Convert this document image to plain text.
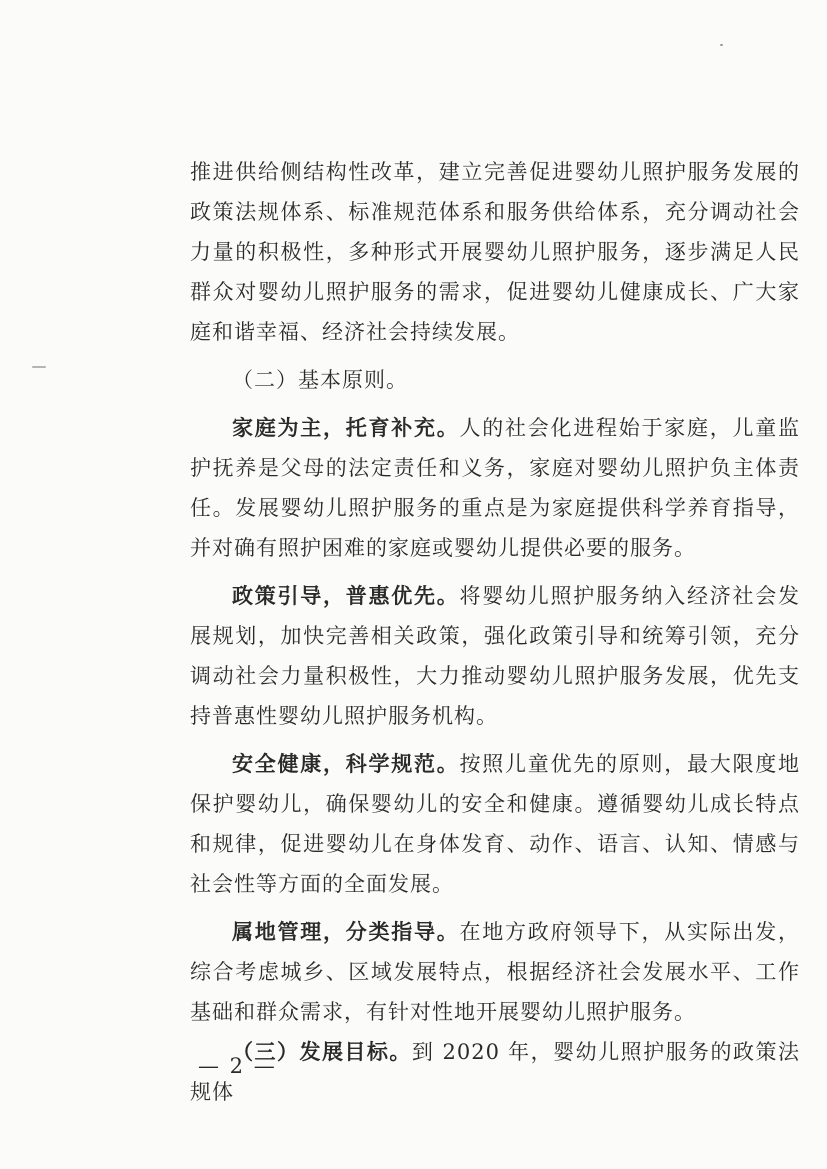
推进供给侧结构性改革，建立完善促进婴幼儿照护服务发展的政策法规体系、标准规范体系和服务供给体系，充分调动社会力量的积极性，多种形式开展婴幼儿照护服务，逐步满足人民群众对婴幼儿照护服务的需求，促进婴幼儿健康成长、广大家庭和谐幸福、经济社会持续发展。

（二）基本原则。

家庭为主，托育补充。人的社会化进程始于家庭，儿童监护抚养是父母的法定责任和义务，家庭对婴幼儿照护负主体责任。发展婴幼儿照护服务的重点是为家庭提供科学养育指导，并对确有照护困难的家庭或婴幼儿提供必要的服务。

政策引导，普惠优先。将婴幼儿照护服务纳入经济社会发展规划，加快完善相关政策，强化政策引导和统筹引领，充分调动社会力量积极性，大力推动婴幼儿照护服务发展，优先支持普惠性婴幼儿照护服务机构。

安全健康，科学规范。按照儿童优先的原则，最大限度地保护婴幼儿，确保婴幼儿的安全和健康。遵循婴幼儿成长特点和规律，促进婴幼儿在身体发育、动作、语言、认知、情感与社会性等方面的全面发展。

属地管理，分类指导。在地方政府领导下，从实际出发，综合考虑城乡、区域发展特点，根据经济社会发展水平、工作基础和群众需求，有针对性地开展婴幼儿照护服务。

（三）发展目标。到 2020 年，婴幼儿照护服务的政策法规体

— 2 —
